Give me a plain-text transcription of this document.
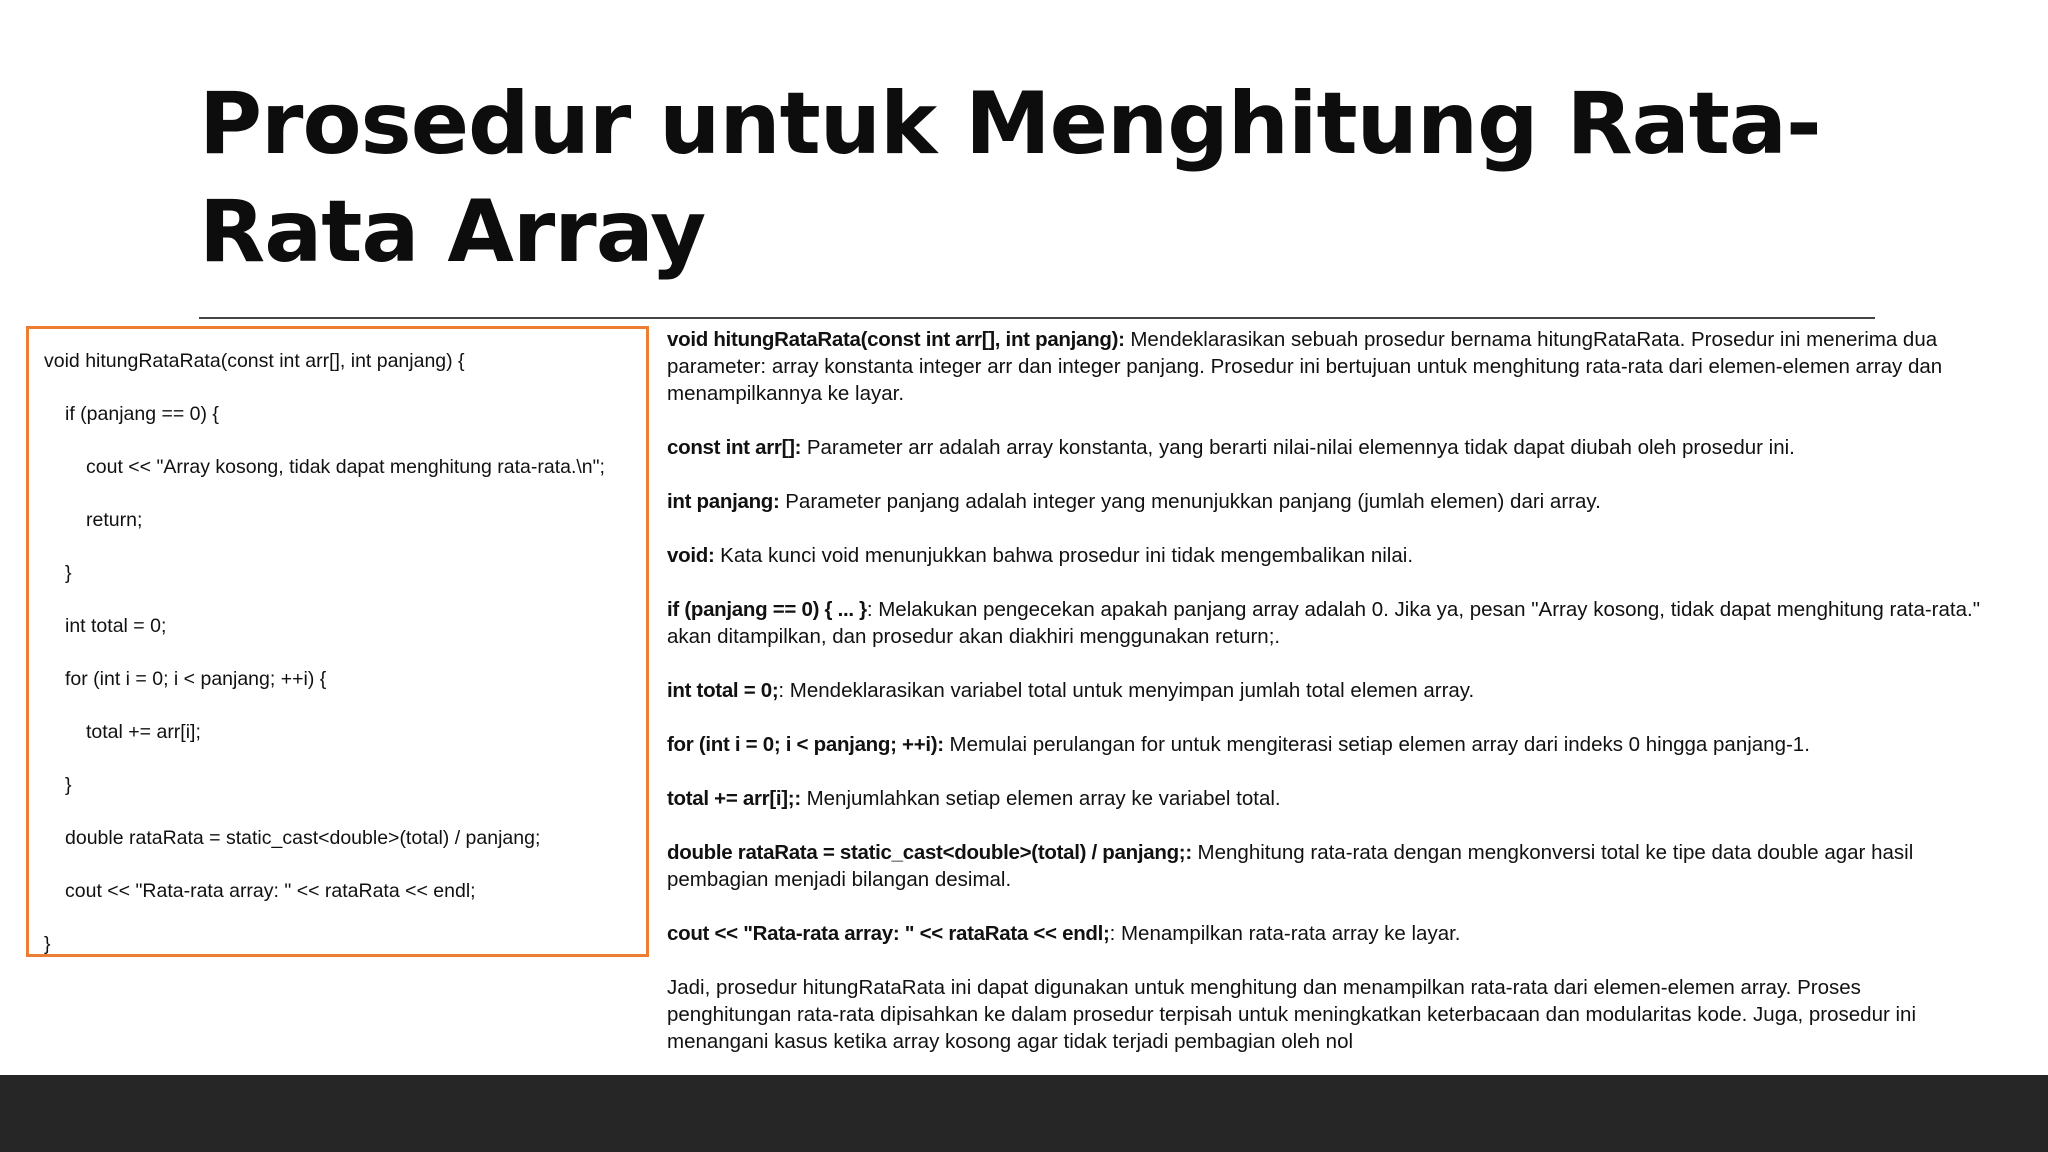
Prosedur untuk Menghitung Rata-Rata Array
void hitungRataRata(const int arr[], int panjang) {
if (panjang == 0) {
cout << "Array kosong, tidak dapat menghitung rata-rata.\n";
return;
}
int total = 0;
for (int i = 0; i < panjang; ++i) {
total += arr[i];
}
double rataRata = static_cast<double>(total) / panjang;
cout << "Rata-rata array: " << rataRata << endl;
}

void hitungRataRata(const int arr[], int panjang): Mendeklarasikan sebuah prosedur bernama hitungRataRata. Prosedur ini menerima dua parameter: array konstanta integer arr dan integer panjang. Prosedur ini bertujuan untuk menghitung rata-rata dari elemen-elemen array dan menampilkannya ke layar.

const int arr[]: Parameter arr adalah array konstanta, yang berarti nilai-nilai elemennya tidak dapat diubah oleh prosedur ini.

int panjang: Parameter panjang adalah integer yang menunjukkan panjang (jumlah elemen) dari array.

void: Kata kunci void menunjukkan bahwa prosedur ini tidak mengembalikan nilai.

if (panjang == 0) { ... }: Melakukan pengecekan apakah panjang array adalah 0. Jika ya, pesan "Array kosong, tidak dapat menghitung rata-rata." akan ditampilkan, dan prosedur akan diakhiri menggunakan return;.

int total = 0;: Mendeklarasikan variabel total untuk menyimpan jumlah total elemen array.

for (int i = 0; i < panjang; ++i): Memulai perulangan for untuk mengiterasi setiap elemen array dari indeks 0 hingga panjang-1.

total += arr[i];: Menjumlahkan setiap elemen array ke variabel total.

double rataRata = static_cast<double>(total) / panjang;: Menghitung rata-rata dengan mengkonversi total ke tipe data double agar hasil pembagian menjadi bilangan desimal.

cout << "Rata-rata array: " << rataRata << endl;: Menampilkan rata-rata array ke layar.

Jadi, prosedur hitungRataRata ini dapat digunakan untuk menghitung dan menampilkan rata-rata dari elemen-elemen array. Proses penghitungan rata-rata dipisahkan ke dalam prosedur terpisah untuk meningkatkan keterbacaan dan modularitas kode. Juga, prosedur ini menangani kasus ketika array kosong agar tidak terjadi pembagian oleh nol
